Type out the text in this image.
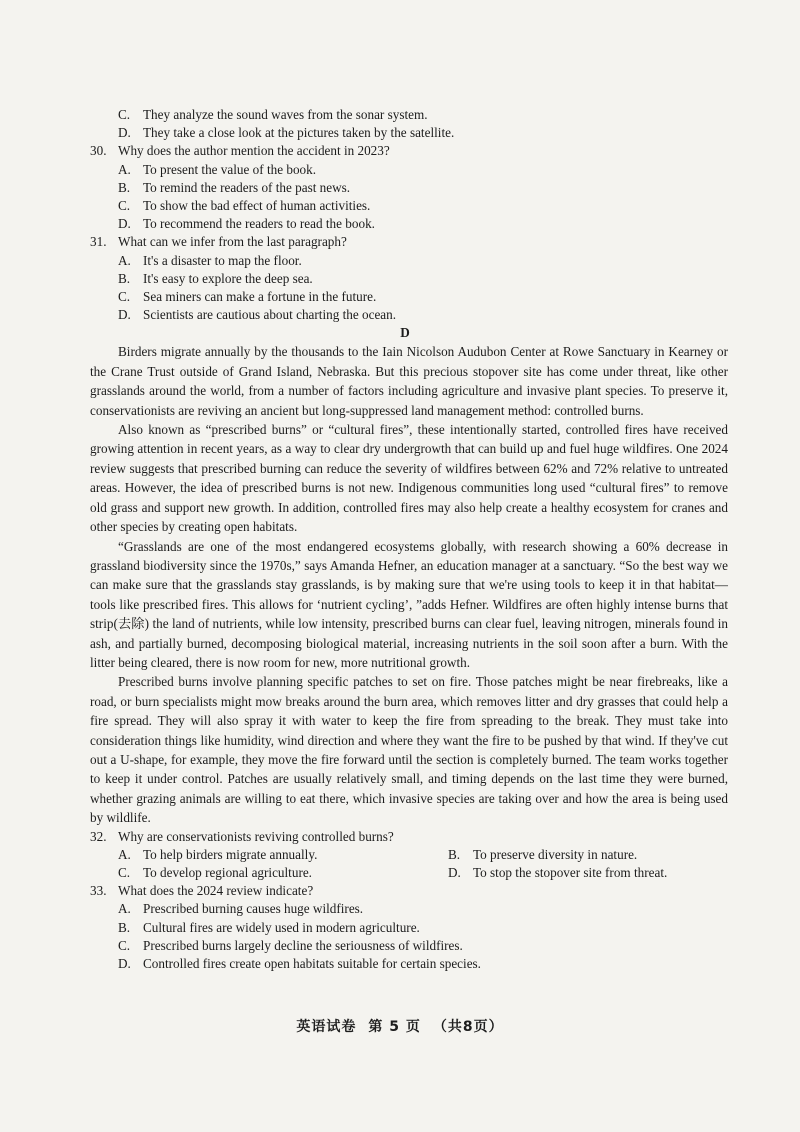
C. They analyze the sound waves from the sonar system.
D. They take a close look at the pictures taken by the satellite.
30. Why does the author mention the accident in 2023?
A. To present the value of the book.
B. To remind the readers of the past news.
C. To show the bad effect of human activities.
D. To recommend the readers to read the book.
31. What can we infer from the last paragraph?
A. It's a disaster to map the floor.
B. It's easy to explore the deep sea.
C. Sea miners can make a fortune in the future.
D. Scientists are cautious about charting the ocean.
D

Birders migrate annually by the thousands to the Iain Nicolson Audubon Center at Rowe Sanctuary in Kearney or the Crane Trust outside of Grand Island, Nebraska. But this precious stopover site has come under threat, like other grasslands around the world, from a number of factors including agriculture and invasive plant species. To preserve it, conservationists are reviving an ancient but long-suppressed land management method: controlled burns.

Also known as “prescribed burns” or “cultural fires”, these intentionally started, controlled fires have received growing attention in recent years, as a way to clear dry undergrowth that can build up and fuel huge wildfires. One 2024 review suggests that prescribed burning can reduce the severity of wildfires between 62% and 72% relative to untreated areas. However, the idea of prescribed burns is not new. Indigenous communities long used “cultural fires” to remove old grass and support new growth. In addition, controlled fires may also help create a healthy ecosystem for cranes and other species by creating open habitats.

“Grasslands are one of the most endangered ecosystems globally, with research showing a 60% decrease in grassland biodiversity since the 1970s,” says Amanda Hefner, an education manager at a sanctuary. “So the best way we can make sure that the grasslands stay grasslands, is by making sure that we're using tools to keep it in that habitat—tools like prescribed fires. This allows for ‘nutrient cycling’, ”adds Hefner. Wildfires are often highly intense burns that strip(去除) the land of nutrients, while low intensity, prescribed burns can clear fuel, leaving nitrogen, minerals found in ash, and partially burned, decomposing biological material, increasing nutrients in the soil soon after a burn. With the litter being cleared, there is now room for new, more nutritional growth.

Prescribed burns involve planning specific patches to set on fire. Those patches might be near firebreaks, like a road, or burn specialists might mow breaks around the burn area, which removes litter and dry grasses that could help a fire spread. They will also spray it with water to keep the fire from spreading to the break. They must take into consideration things like humidity, wind direction and where they want the fire to be pushed by that wind. If they've cut out a U-shape, for example, they move the fire forward until the section is completely burned. The team works together to keep it under control. Patches are usually relatively small, and timing depends on the last time they were burned, whether grazing animals are willing to eat there, which invasive species are taking over and how the area is being used by wildlife.

32. Why are conservationists reviving controlled burns?
A. To help birders migrate annually.	B. To preserve diversity in nature.
C. To develop regional agriculture.	D. To stop the stopover site from threat.
33. What does the 2024 review indicate?
A. Prescribed burning causes huge wildfires.
B. Cultural fires are widely used in modern agriculture.
C. Prescribed burns largely decline the seriousness of wildfires.
D. Controlled fires create open habitats suitable for certain species.
英语试卷 第 5 页 （共8页）
